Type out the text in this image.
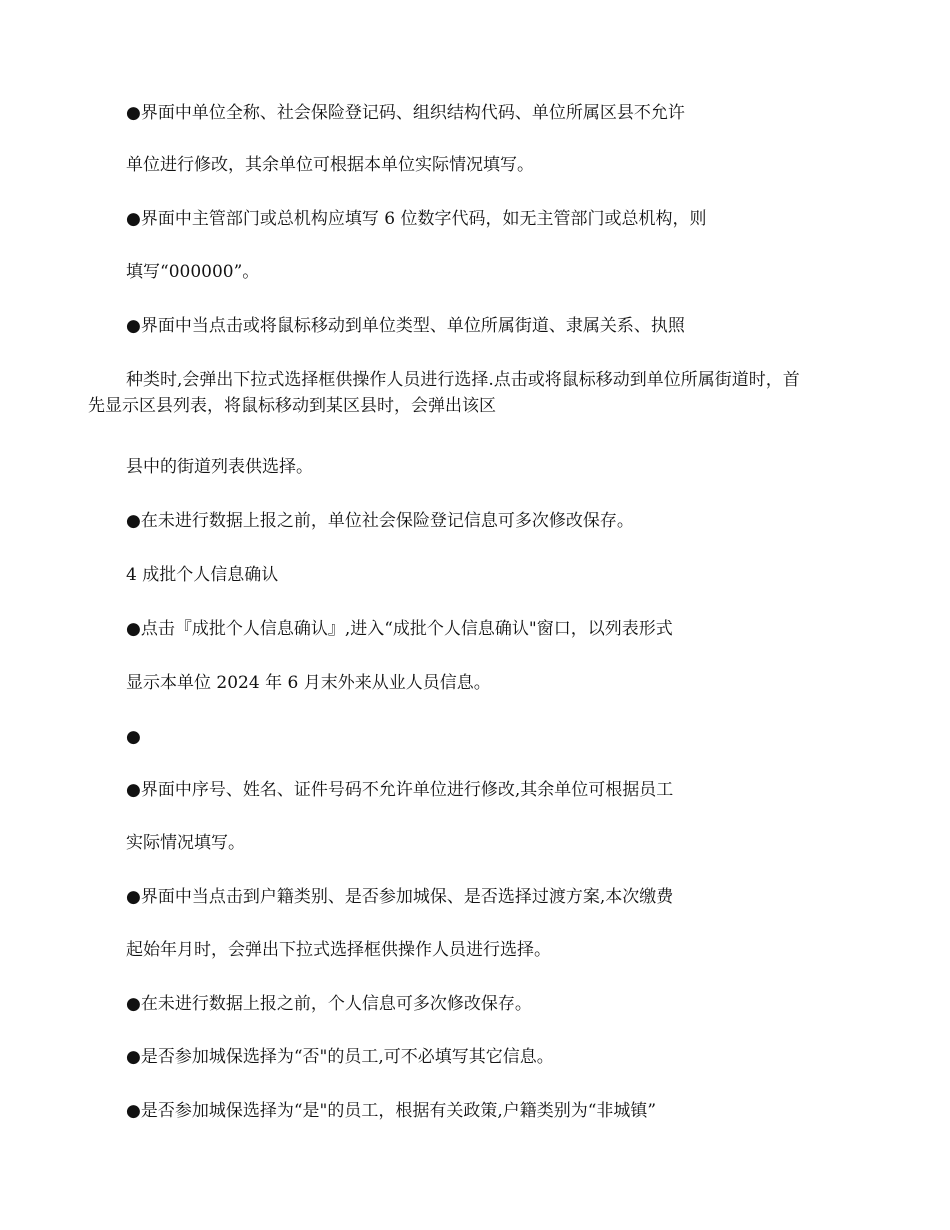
●界面中单位全称、社会保险登记码、组织结构代码、单位所属区县不允许
单位进行修改，其余单位可根据本单位实际情况填写。
●界面中主管部门或总机构应填写 6 位数字代码，如无主管部门或总机构，则
填写“000000”。
●界面中当点击或将鼠标移动到单位类型、单位所属街道、隶属关系、执照
种类时,会弹出下拉式选择框供操作人员进行选择.点击或将鼠标移动到单位所属街道时，首
先显示区县列表，将鼠标移动到某区县时，会弹出该区
县中的街道列表供选择。
●在未进行数据上报之前，单位社会保险登记信息可多次修改保存。
4 成批个人信息确认
●点击『成批个人信息确认』,进入“成批个人信息确认"窗口，以列表形式
显示本单位 2024 年 6 月末外来从业人员信息。
●
●界面中序号、姓名、证件号码不允许单位进行修改,其余单位可根据员工
实际情况填写。
●界面中当点击到户籍类别、是否参加城保、是否选择过渡方案,本次缴费
起始年月时，会弹出下拉式选择框供操作人员进行选择。
●在未进行数据上报之前，个人信息可多次修改保存。
●是否参加城保选择为“否"的员工,可不必填写其它信息。
●是否参加城保选择为“是"的员工，根据有关政策,户籍类别为“非城镇”
